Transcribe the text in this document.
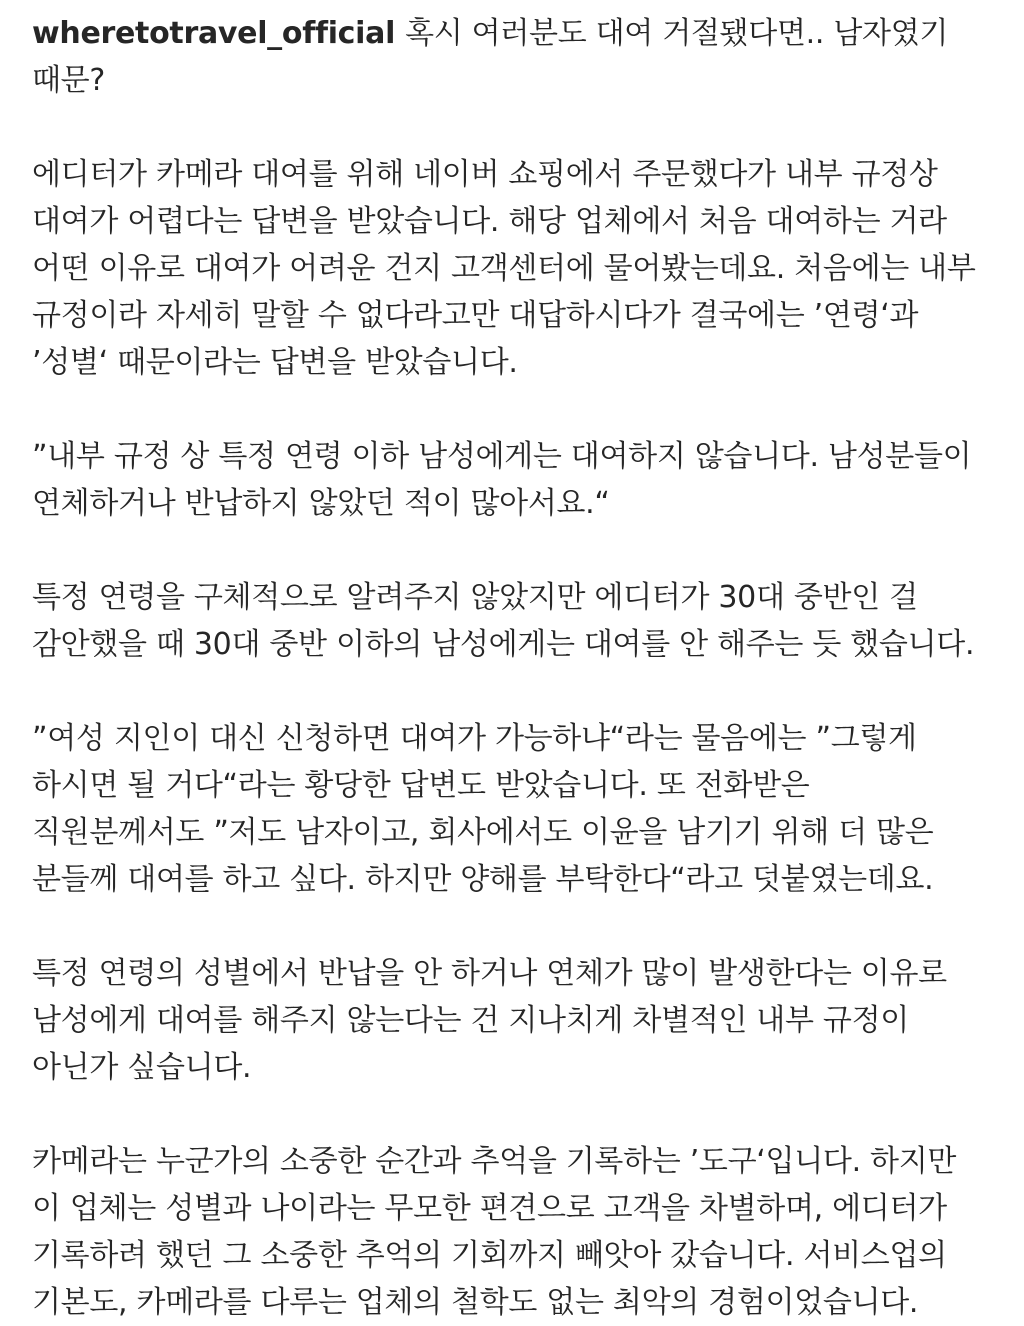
wheretotravel_official 혹시 여러분도 대여 거절됐다면.. 남자였기
때문?
에디터가 카메라 대여를 위해 네이버 쇼핑에서 주문했다가 내부 규정상
대여가 어렵다는 답변을 받았습니다. 해당 업체에서 처음 대여하는 거라
어떤 이유로 대여가 어려운 건지 고객센터에 물어봤는데요. 처음에는 내부
규정이라 자세히 말할 수 없다라고만 대답하시다가 결국에는 ’연령‘과
’성별‘ 때문이라는 답변을 받았습니다.
”내부 규정 상 특정 연령 이하 남성에게는 대여하지 않습니다. 남성분들이
연체하거나 반납하지 않았던 적이 많아서요.“
특정 연령을 구체적으로 알려주지 않았지만 에디터가 30대 중반인 걸
감안했을 때 30대 중반 이하의 남성에게는 대여를 안 해주는 듯 했습니다.
”여성 지인이 대신 신청하면 대여가 가능하냐“라는 물음에는 ”그렇게
하시면 될 거다“라는 황당한 답변도 받았습니다. 또 전화받은
직원분께서도 ”저도 남자이고, 회사에서도 이윤을 남기기 위해 더 많은
분들께 대여를 하고 싶다. 하지만 양해를 부탁한다“라고 덧붙였는데요.
특정 연령의 성별에서 반납을 안 하거나 연체가 많이 발생한다는 이유로
남성에게 대여를 해주지 않는다는 건 지나치게 차별적인 내부 규정이
아닌가 싶습니다.
카메라는 누군가의 소중한 순간과 추억을 기록하는 ’도구‘입니다. 하지만
이 업체는 성별과 나이라는 무모한 편견으로 고객을 차별하며, 에디터가
기록하려 했던 그 소중한 추억의 기회까지 빼앗아 갔습니다. 서비스업의
기본도, 카메라를 다루는 업체의 철학도 없는 최악의 경험이었습니다.
